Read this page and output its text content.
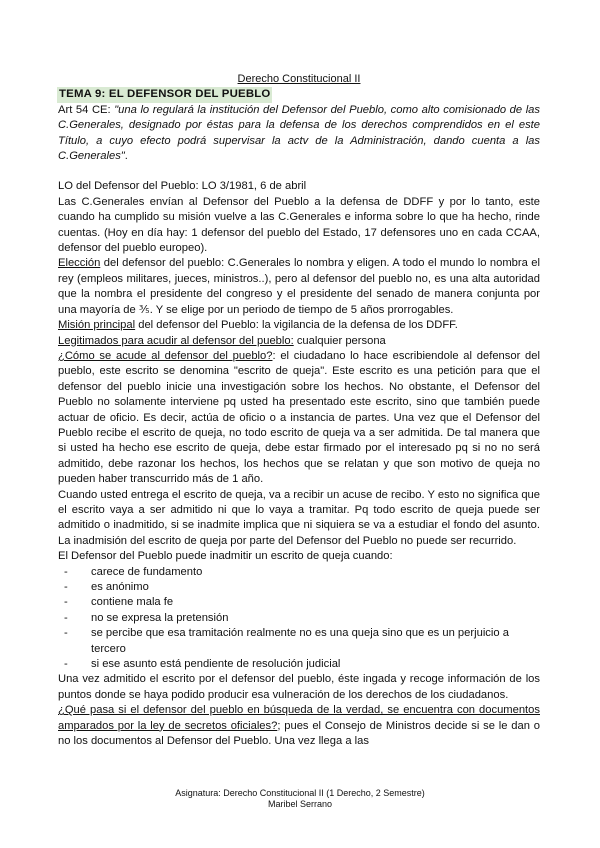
Derecho Constitucional II
TEMA 9: EL DEFENSOR DEL PUEBLO

Art 54 CE: "una lo regulará la institución del Defensor del Pueblo, como alto comisionado de las C.Generales, designado por éstas para la defensa de los derechos comprendidos en el este Título, a cuyo efecto podrá supervisar la actv de la Administración, dando cuenta a las C.Generales".

LO del Defensor del Pueblo: LO 3/1981, 6 de abril

Las C.Generales envían al Defensor del Pueblo a la defensa de DDFF y por lo tanto, este cuando ha cumplido su misión vuelve a las C.Generales e informa sobre lo que ha hecho, rinde cuentas. (Hoy en día hay: 1 defensor del pueblo del Estado, 17 defensores uno en cada CCAA, defensor del pueblo europeo).

Elección del defensor del pueblo: C.Generales lo nombra y eligen. A todo el mundo lo nombra el rey (empleos militares, jueces, ministros..), pero al defensor del pueblo no, es una alta autoridad que la nombra el presidente del congreso y el presidente del senado de manera conjunta por una mayoría de ⅗. Y se elige por un periodo de tiempo de 5 años prorrogables.

Misión principal del defensor del Pueblo: la vigilancia de la defensa de los DDFF.

Legitimados para acudir al defensor del pueblo: cualquier persona

¿Cómo se acude al defensor del pueblo?: el ciudadano lo hace escribiendole al defensor del pueblo, este escrito se denomina "escrito de queja". Este escrito es una petición para que el defensor del pueblo inicie una investigación sobre los hechos. No obstante, el Defensor del Pueblo no solamente interviene pq usted ha presentado este escrito, sino que también puede actuar de oficio. Es decir, actúa de oficio o a instancia de partes. Una vez que el Defensor del Pueblo recibe el escrito de queja, no todo escrito de queja va a ser admitida. De tal manera que si usted ha hecho ese escrito de queja, debe estar firmado por el interesado pq si no no será admitido, debe razonar los hechos, los hechos que se relatan y que son motivo de queja no pueden haber transcurrido más de 1 año.

Cuando usted entrega el escrito de queja, va a recibir un acuse de recibo. Y esto no significa que el escrito vaya a ser admitido ni que lo vaya a tramitar. Pq todo escrito de queja puede ser admitido o inadmitido, si se inadmite implica que ni siquiera se va a estudiar el fondo del asunto. La inadmisión del escrito de queja por parte del Defensor del Pueblo no puede ser recurrido.

El Defensor del Pueblo puede inadmitir un escrito de queja cuando:

- carece de fundamento
- es anónimo
- contiene mala fe
- no se expresa la pretensión
- se percibe que esa tramitación realmente no es una queja sino que es un perjuicio a tercero
- si ese asunto está pendiente de resolución judicial

Una vez admitido el escrito por el defensor del pueblo, éste ingada y recoge información de los puntos donde se haya podido producir esa vulneración de los derechos de los ciudadanos.

¿Qué pasa si el defensor del pueblo en búsqueda de la verdad, se encuentra con documentos amparados por la ley de secretos oficiales?; pues el Consejo de Ministros decide si se le dan o no los documentos al Defensor del Pueblo. Una vez llega a las

Asignatura: Derecho Constitucional II (1 Derecho, 2 Semestre)
Maribel Serrano
